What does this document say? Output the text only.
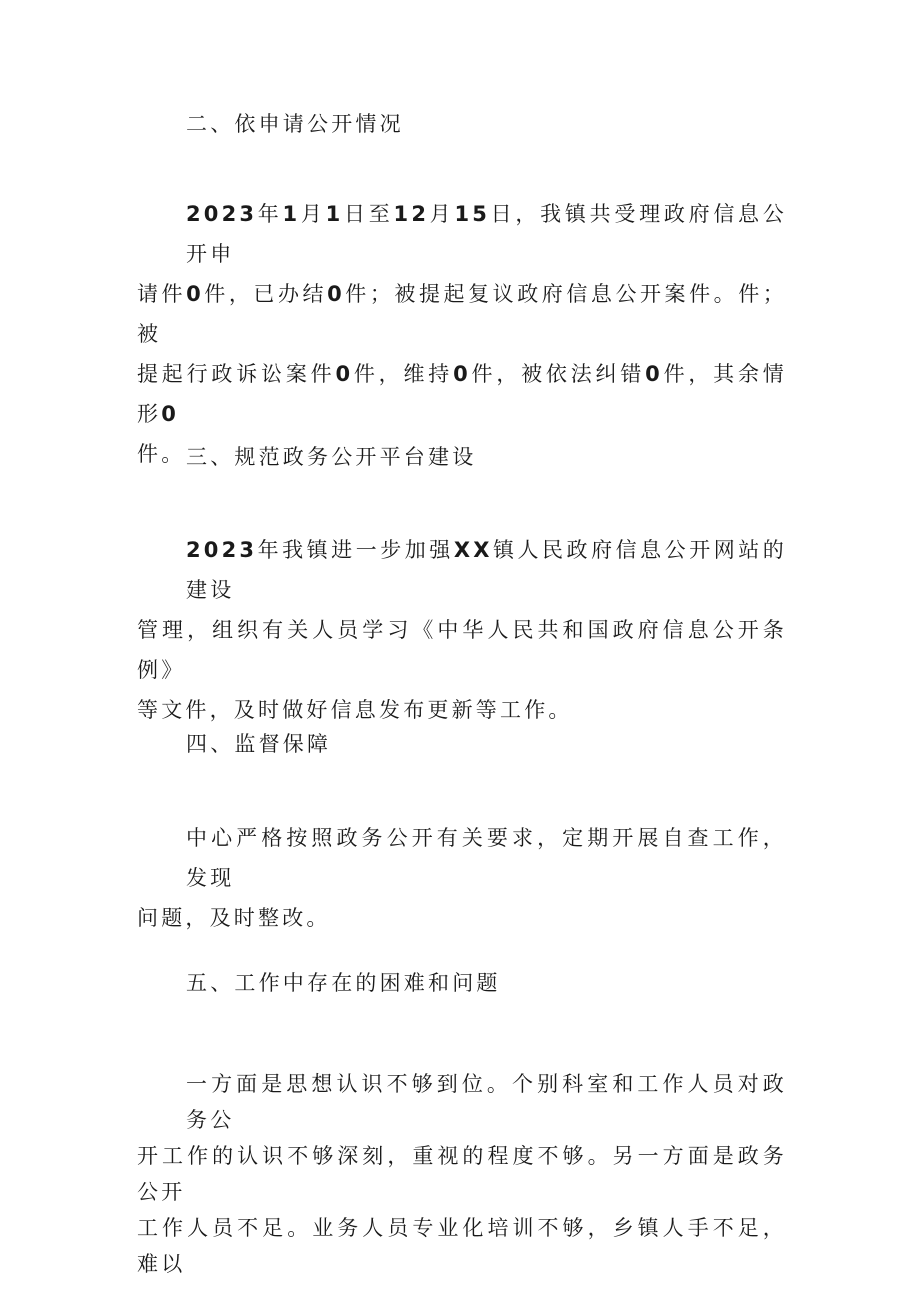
二、依申请公开情况

2023年1月1日至12月15日，我镇共受理政府信息公开申
请件0件，已办结0件；被提起复议政府信息公开案件。件；被
提起行政诉讼案件0件，维持0件，被依法纠错0件，其余情形0
件。 三、规范政务公开平台建设

2023年我镇进一步加强XX镇人民政府信息公开网站的建设
管理，组织有关人员学习《中华人民共和国政府信息公开条例》
等文件，及时做好信息发布更新等工作。

四、监督保障

中心严格按照政务公开有关要求，定期开展自查工作，发现
问题，及时整改。

五、工作中存在的困难和问题

一方面是思想认识不够到位。个别科室和工作人员对政务公
开工作的认识不够深刻，重视的程度不够。另一方面是政务公开
工作人员不足。业务人员专业化培训不够，乡镇人手不足，难以
